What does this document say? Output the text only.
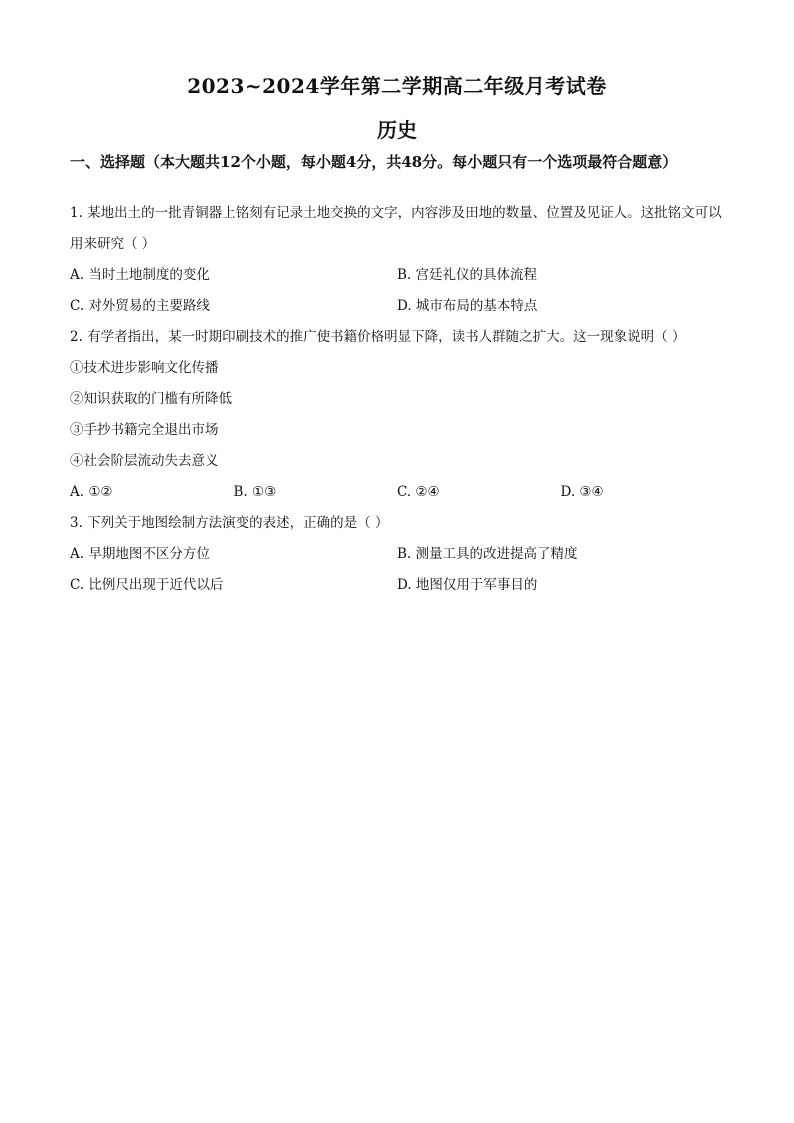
2023~2024学年第二学期高二年级月考试卷
历史
一、选择题（本大题共12个小题，每小题4分，共48分。每小题只有一个选项最符合题意）

1. 某地出土的一批青铜器上铭刻有记录土地交换的文字，内容涉及田地的数量、位置及见证人。这批铭文可以用来研究（ ）

A. 当时土地制度的变化	B. 宫廷礼仪的具体流程

C. 对外贸易的主要路线	D. 城市布局的基本特点

2. 有学者指出，某一时期印刷技术的推广使书籍价格明显下降，读书人群随之扩大。这一现象说明（ ）

①技术进步影响文化传播

②知识获取的门槛有所降低

③手抄书籍完全退出市场

④社会阶层流动失去意义

A. ①②	B. ①③	C. ②④	D. ③④

3. 下列关于地图绘制方法演变的表述，正确的是（ ）

A. 早期地图不区分方位	B. 测量工具的改进提高了精度

C. 比例尺出现于近代以后	D. 地图仅用于军事目的
